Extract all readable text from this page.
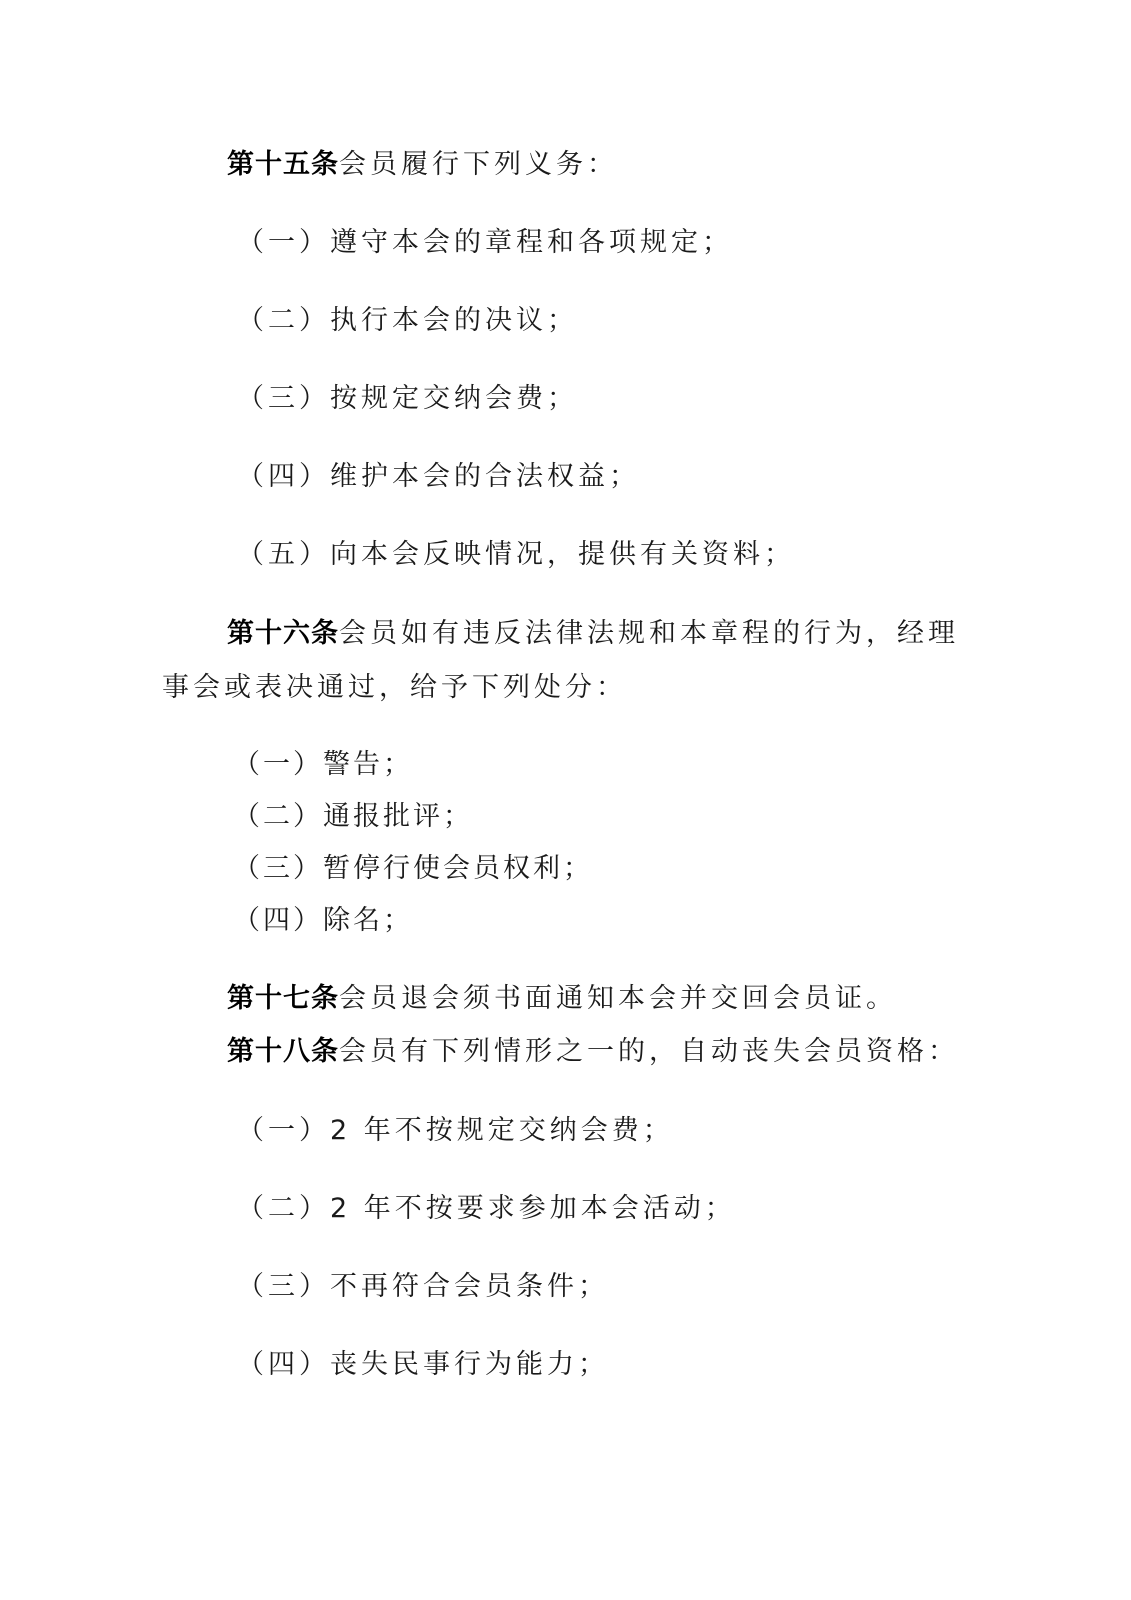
第十五条会员履行下列义务：

（一）遵守本会的章程和各项规定；

（二）执行本会的决议；

（三）按规定交纳会费；

（四）维护本会的合法权益；

（五）向本会反映情况，提供有关资料；

第十六条会员如有违反法律法规和本章程的行为，经理

事会或表决通过，给予下列处分：

（一）警告；

（二）通报批评；

（三）暂停行使会员权利；

（四）除名；

第十七条会员退会须书面通知本会并交回会员证。

第十八条会员有下列情形之一的，自动丧失会员资格：

（一）2 年不按规定交纳会费；

（二）2 年不按要求参加本会活动；

（三）不再符合会员条件；

（四）丧失民事行为能力；
